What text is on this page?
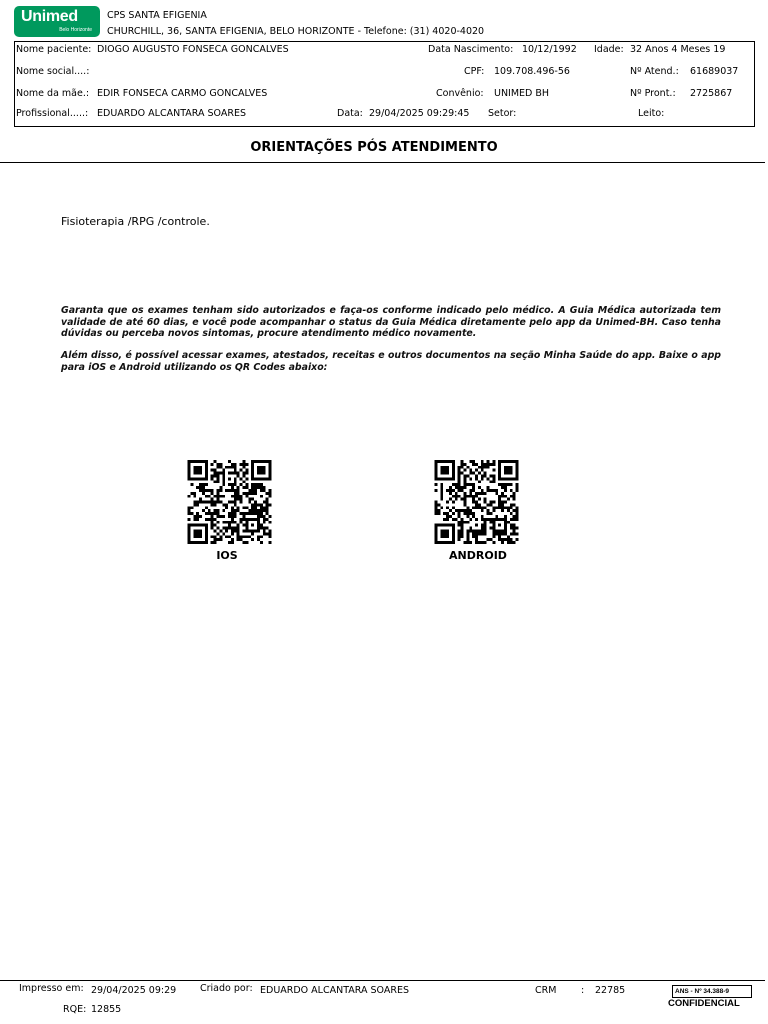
Unimed
Belo Horizonte
CPS SANTA EFIGENIA
CHURCHILL, 36, SANTA EFIGENIA, BELO HORIZONTE - Telefone: (31) 4020-4020
Nome paciente: DIOGO AUGUSTO FONSECA GONCALVES	Data Nascimento: 10/12/1992 Idade: 32 Anos 4 Meses 19
Nome social....:	CPF: 109.708.496-56	Nº Atend.: 61689037
Nome da mãe.: EDIR FONSECA CARMO GONCALVES	Convênio: UNIMED BH	Nº Pront.: 2725867
Profissional.....: EDUARDO ALCANTARA SOARES	Data: 29/04/2025 09:29:45 Setor:	Leito:
ORIENTAÇÕES PÓS ATENDIMENTO
Fisioterapia /RPG /controle.
Garanta que os exames tenham sido autorizados e faça-os conforme indicado pelo médico. A Guia Médica autorizada tem validade de até 60 dias, e você pode acompanhar o status da Guia Médica diretamente pelo app da Unimed-BH. Caso tenha dúvidas ou perceba novos sintomas, procure atendimento médico novamente.
Além disso, é possível acessar exames, atestados, receitas e outros documentos na seção Minha Saúde do app. Baixe o app para iOS e Android utilizando os QR Codes abaixo:
IOS	ANDROID
Impresso em: 29/04/2025 09:29	Criado por: EDUARDO ALCANTARA SOARES	CRM	: 22785
RQE: 12855
ANS - Nº 34.388-9
CONFIDENCIAL
